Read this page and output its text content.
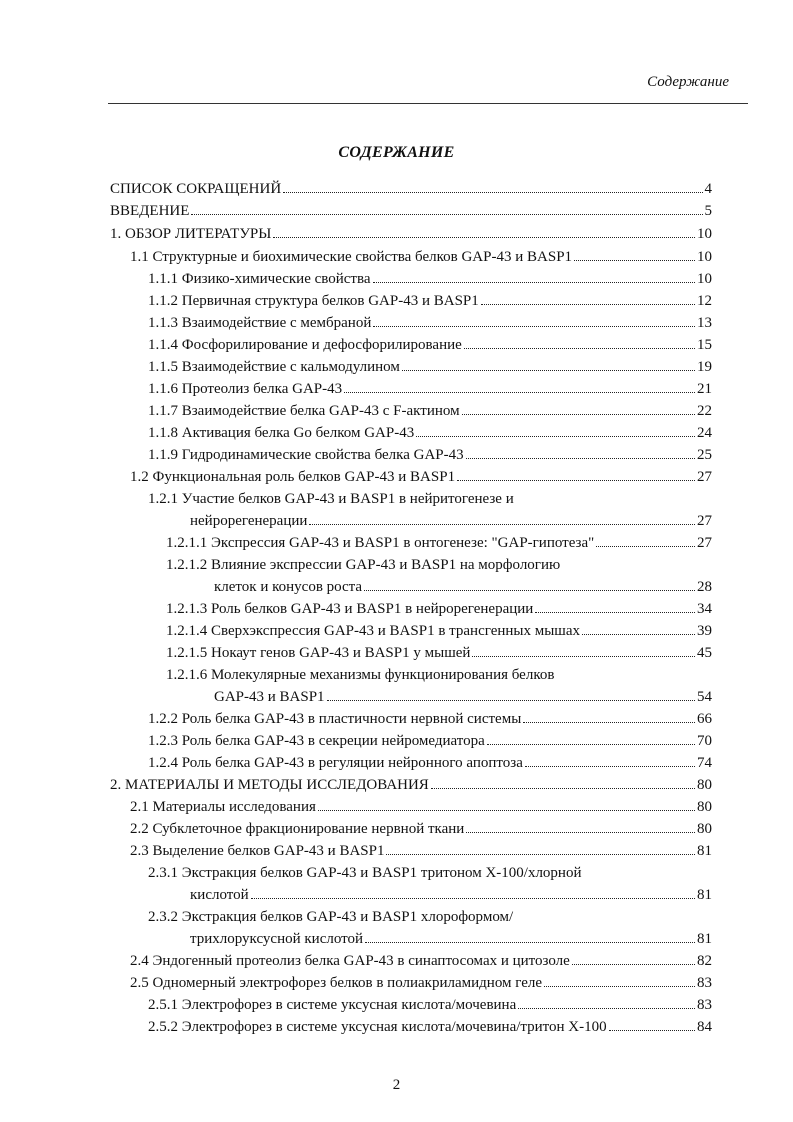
Содержание
СОДЕРЖАНИЕ
СПИСОК СОКРАЩЕНИЙ	4
ВВЕДЕНИЕ	5
1. ОБЗОР ЛИТЕРАТУРЫ	10
1.1 Структурные и биохимические свойства белков GAP-43 и BASP1	10
1.1.1 Физико-химические свойства	10
1.1.2 Первичная структура белков GAP-43 и BASP1	12
1.1.3 Взаимодействие с мембраной	13
1.1.4 Фосфорилирование и дефосфорилирование	15
1.1.5 Взаимодействие с кальмодулином	19
1.1.6 Протеолиз белка GAP-43	21
1.1.7 Взаимодействие белка GAP-43 с F-актином	22
1.1.8 Активация белка Go белком GAP-43	24
1.1.9 Гидродинамические свойства белка GAP-43	25
1.2 Функциональная роль белков GAP-43 и BASP1	27
1.2.1 Участие белков GAP-43 и BASP1 в нейритогенезе и
нейрорегенерации	27
1.2.1.1 Экспрессия GAP-43 и BASP1 в онтогенезе: "GAP-гипотеза"	27
1.2.1.2 Влияние экспрессии GAP-43 и BASP1 на морфологию
клеток и конусов роста	28
1.2.1.3 Роль белков GAP-43 и BASP1 в нейрорегенерации	34
1.2.1.4 Сверхэкспрессия GAP-43 и BASP1 в трансгенных мышах	39
1.2.1.5 Нокаут генов GAP-43 и BASP1 у мышей	45
1.2.1.6 Молекулярные механизмы функционирования белков
GAP-43 и BASP1	54
1.2.2 Роль белка GAP-43 в пластичности нервной системы	66
1.2.3 Роль белка GAP-43 в секреции нейромедиатора	70
1.2.4 Роль белка GAP-43 в регуляции нейронного апоптоза	74
2. МАТЕРИАЛЫ И МЕТОДЫ ИССЛЕДОВАНИЯ	80
2.1 Материалы исследования	80
2.2 Субклеточное фракционирование нервной ткани	80
2.3 Выделение белков GAP-43 и BASP1	81
2.3.1 Экстракция белков GAP-43 и BASP1 тритоном Х-100/хлорной
кислотой	81
2.3.2 Экстракция белков GAP-43 и BASP1 хлороформом/
трихлоруксусной кислотой	81
2.4 Эндогенный протеолиз белка GAP-43 в синаптосомах и цитозоле	82
2.5 Одномерный электрофорез белков в полиакриламидном геле	83
2.5.1 Электрофорез в системе уксусная кислота/мочевина	83
2.5.2 Электрофорез в системе уксусная кислота/мочевина/тритон Х-100	84
2
